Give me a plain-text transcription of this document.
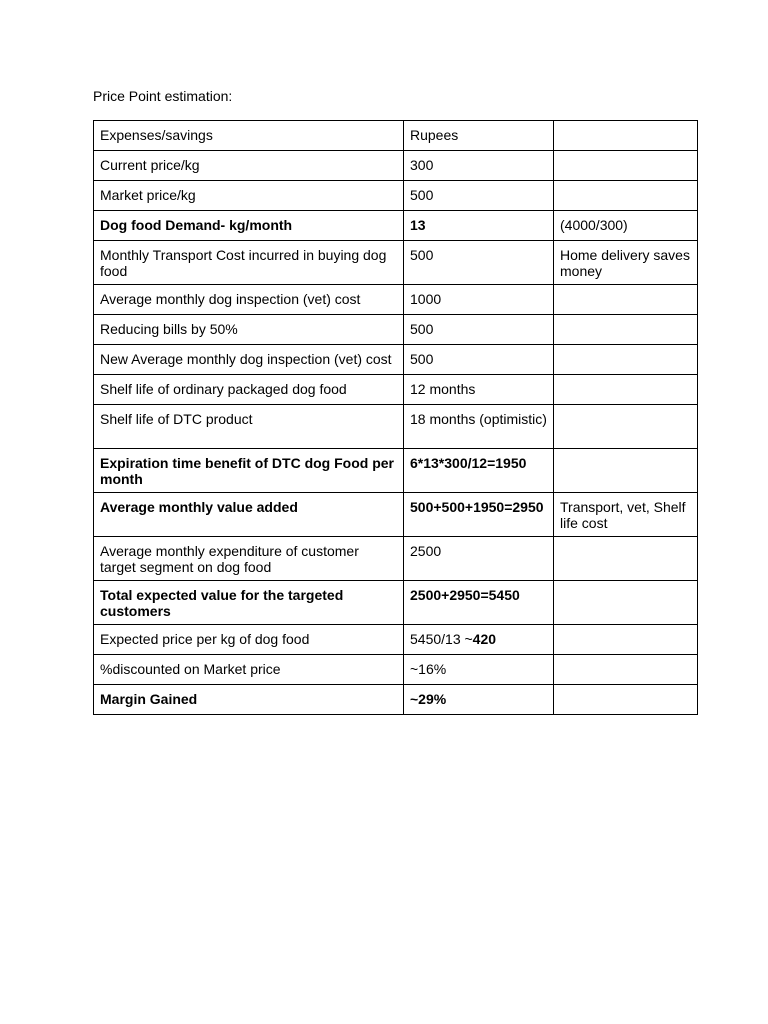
Price Point estimation:
Expenses/savings	Rupees	
Current price/kg	300	
Market price/kg	500	
Dog food Demand- kg/month	13	(4000/300)
Monthly Transport Cost incurred in buying dog food	500	Home delivery saves money
Average monthly dog inspection (vet) cost	1000	
Reducing bills by 50%	500	
New Average monthly dog inspection (vet) cost	500	
Shelf life of ordinary packaged dog food	12 months	
Shelf life of DTC product	18 months (optimistic)	
Expiration time benefit of DTC dog Food per month	6*13*300/12=1950	
Average monthly value added	500+500+1950=2950	Transport, vet, Shelf life cost
Average monthly expenditure of customer target segment on dog food	2500	
Total expected value for the targeted customers	2500+2950=5450	
Expected price per kg of dog food	5450/13 ~420	
%discounted on Market price	~16%	
Margin Gained	~29%	
